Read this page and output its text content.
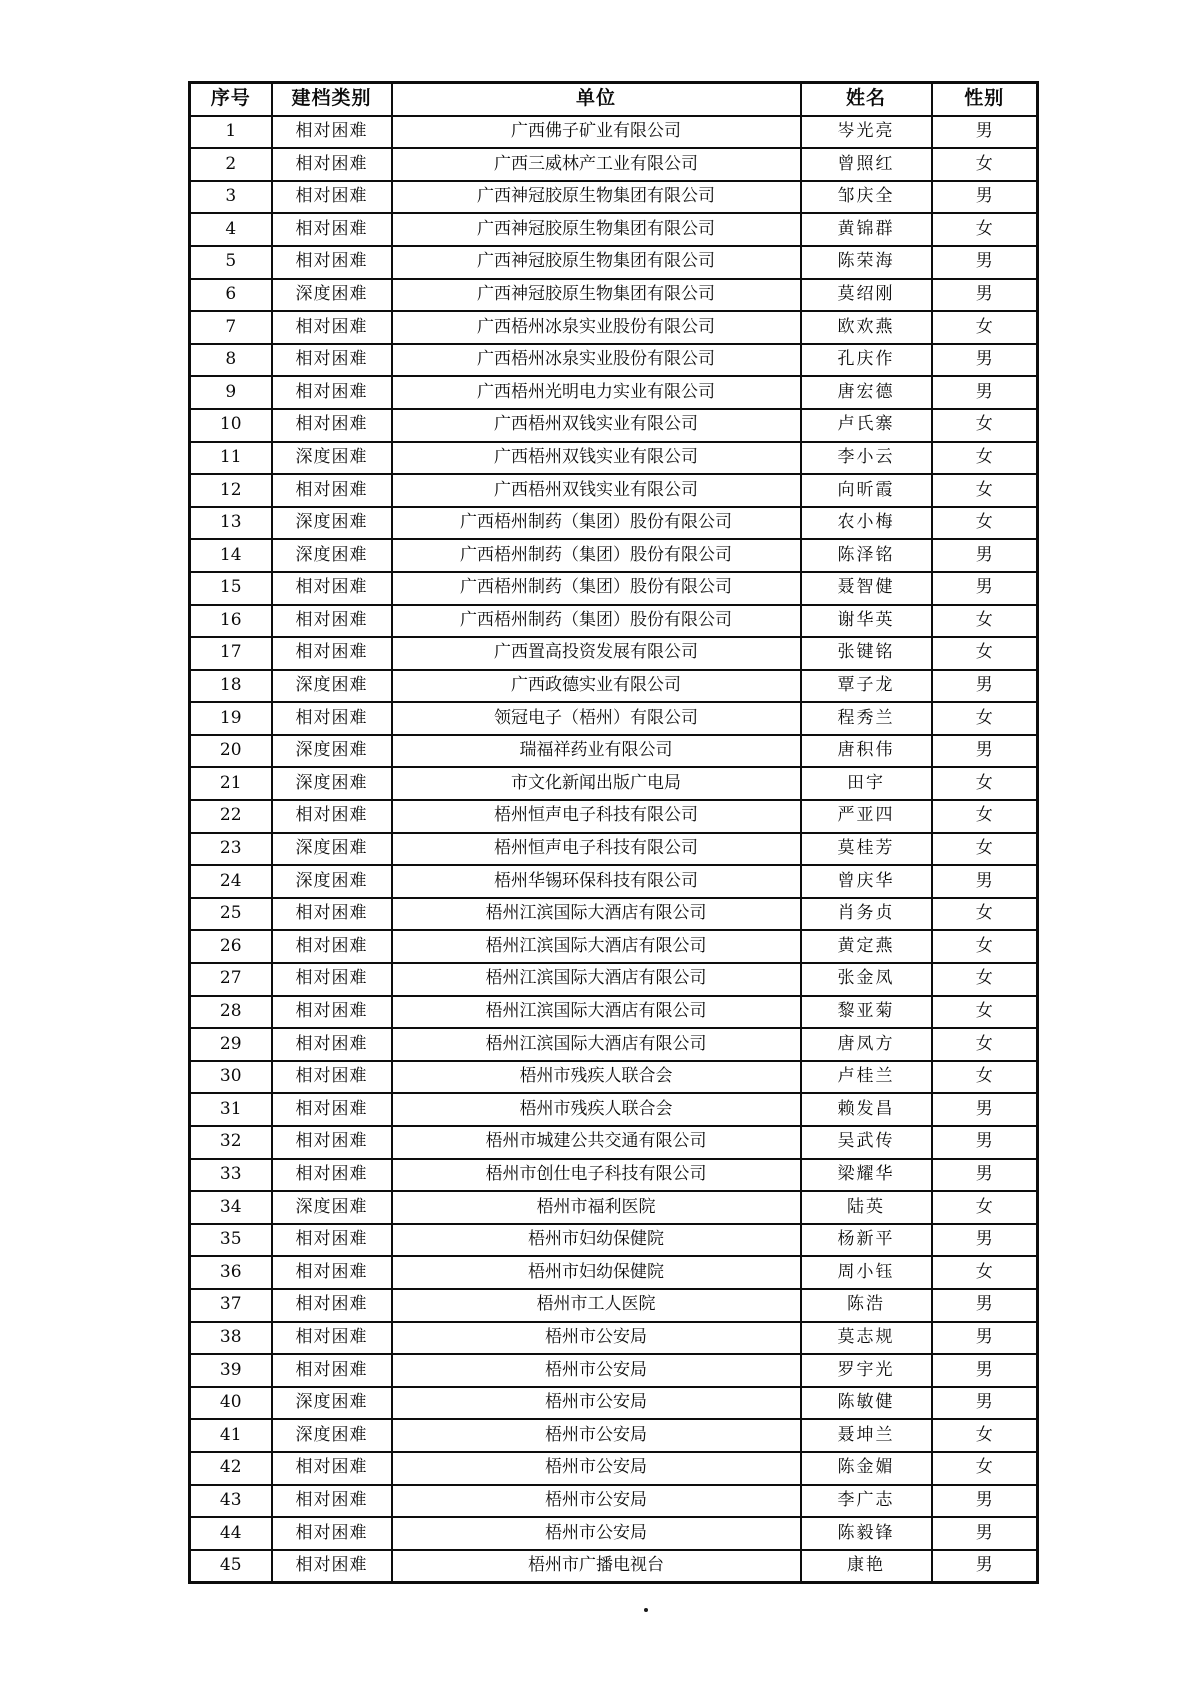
序号	建档类别	单位	姓名	性别
1	相对困难	广西佛子矿业有限公司	岑光亮	男
2	相对困难	广西三威林产工业有限公司	曾照红	女
3	相对困难	广西神冠胶原生物集团有限公司	邹庆全	男
4	相对困难	广西神冠胶原生物集团有限公司	黄锦群	女
5	相对困难	广西神冠胶原生物集团有限公司	陈荣海	男
6	深度困难	广西神冠胶原生物集团有限公司	莫绍刚	男
7	相对困难	广西梧州冰泉实业股份有限公司	欧欢燕	女
8	相对困难	广西梧州冰泉实业股份有限公司	孔庆作	男
9	相对困难	广西梧州光明电力实业有限公司	唐宏德	男
10	相对困难	广西梧州双钱实业有限公司	卢氏寨	女
11	深度困难	广西梧州双钱实业有限公司	李小云	女
12	相对困难	广西梧州双钱实业有限公司	向昕霞	女
13	深度困难	广西梧州制药（集团）股份有限公司	农小梅	女
14	深度困难	广西梧州制药（集团）股份有限公司	陈泽铭	男
15	相对困难	广西梧州制药（集团）股份有限公司	聂智健	男
16	相对困难	广西梧州制药（集团）股份有限公司	谢华英	女
17	相对困难	广西置高投资发展有限公司	张键铭	女
18	深度困难	广西政德实业有限公司	覃子龙	男
19	相对困难	领冠电子（梧州）有限公司	程秀兰	女
20	深度困难	瑞福祥药业有限公司	唐积伟	男
21	深度困难	市文化新闻出版广电局	田宇	女
22	相对困难	梧州恒声电子科技有限公司	严亚四	女
23	深度困难	梧州恒声电子科技有限公司	莫桂芳	女
24	深度困难	梧州华锡环保科技有限公司	曾庆华	男
25	相对困难	梧州江滨国际大酒店有限公司	肖务贞	女
26	相对困难	梧州江滨国际大酒店有限公司	黄定燕	女
27	相对困难	梧州江滨国际大酒店有限公司	张金凤	女
28	相对困难	梧州江滨国际大酒店有限公司	黎亚菊	女
29	相对困难	梧州江滨国际大酒店有限公司	唐凤方	女
30	相对困难	梧州市残疾人联合会	卢桂兰	女
31	相对困难	梧州市残疾人联合会	赖发昌	男
32	相对困难	梧州市城建公共交通有限公司	吴武传	男
33	相对困难	梧州市创仕电子科技有限公司	梁耀华	男
34	深度困难	梧州市福利医院	陆英	女
35	相对困难	梧州市妇幼保健院	杨新平	男
36	相对困难	梧州市妇幼保健院	周小钰	女
37	相对困难	梧州市工人医院	陈浩	男
38	相对困难	梧州市公安局	莫志规	男
39	相对困难	梧州市公安局	罗宇光	男
40	深度困难	梧州市公安局	陈敏健	男
41	深度困难	梧州市公安局	聂坤兰	女
42	相对困难	梧州市公安局	陈金媚	女
43	相对困难	梧州市公安局	李广志	男
44	相对困难	梧州市公安局	陈毅锋	男
45	相对困难	梧州市广播电视台	康艳	男
